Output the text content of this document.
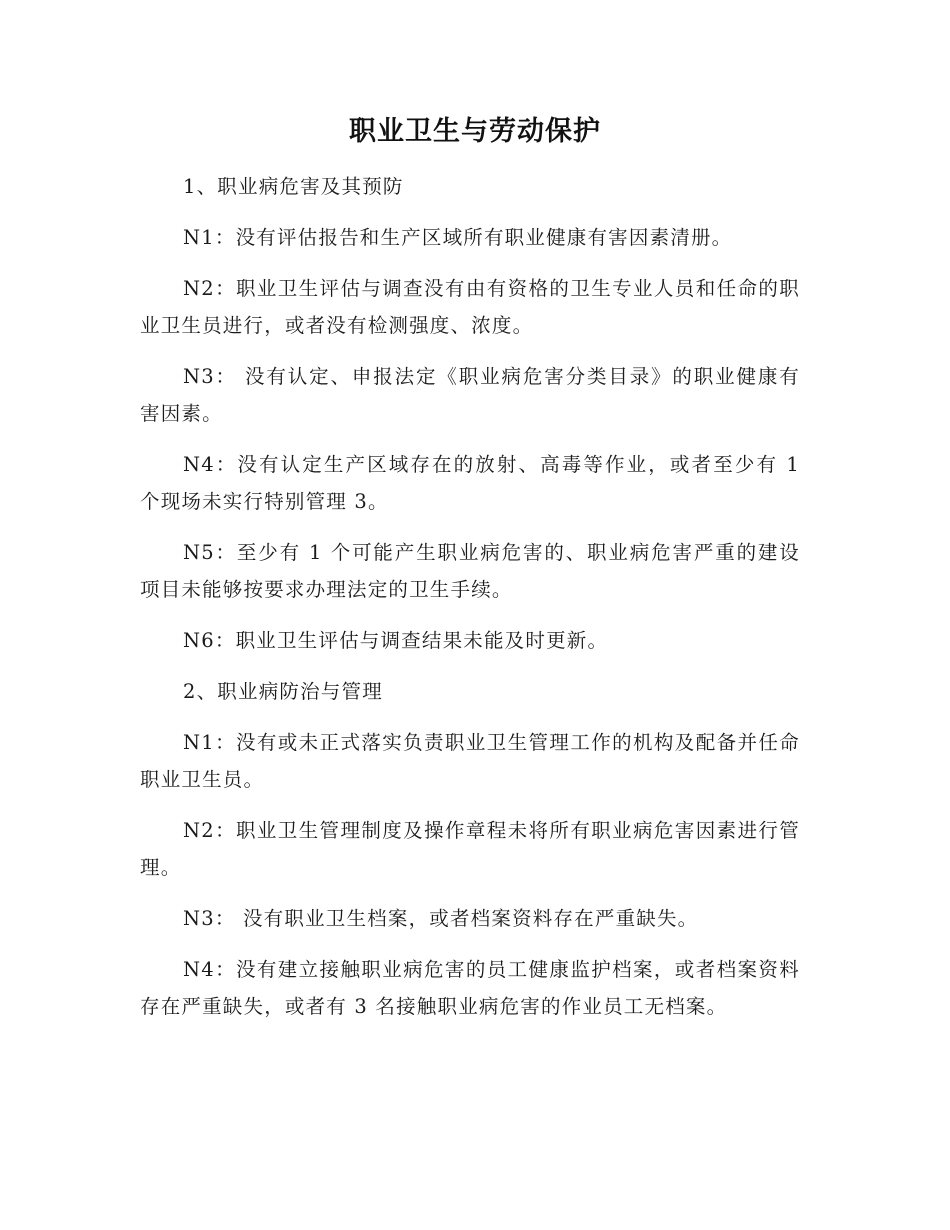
职业卫生与劳动保护

1、职业病危害及其预防

N1：没有评估报告和生产区域所有职业健康有害因素清册。

N2：职业卫生评估与调查没有由有资格的卫生专业人员和任命的职业卫生员进行，或者没有检测强度、浓度。

N3： 没有认定、申报法定《职业病危害分类目录》的职业健康有害因素。

N4：没有认定生产区域存在的放射、高毒等作业，或者至少有 1 个现场未实行特别管理 3。

N5：至少有 1 个可能产生职业病危害的、职业病危害严重的建设项目未能够按要求办理法定的卫生手续。

N6：职业卫生评估与调查结果未能及时更新。

2、职业病防治与管理

N1：没有或未正式落实负责职业卫生管理工作的机构及配备并任命职业卫生员。

N2：职业卫生管理制度及操作章程未将所有职业病危害因素进行管理。

N3： 没有职业卫生档案，或者档案资料存在严重缺失。

N4：没有建立接触职业病危害的员工健康监护档案，或者档案资料存在严重缺失，或者有 3 名接触职业病危害的作业员工无档案。
